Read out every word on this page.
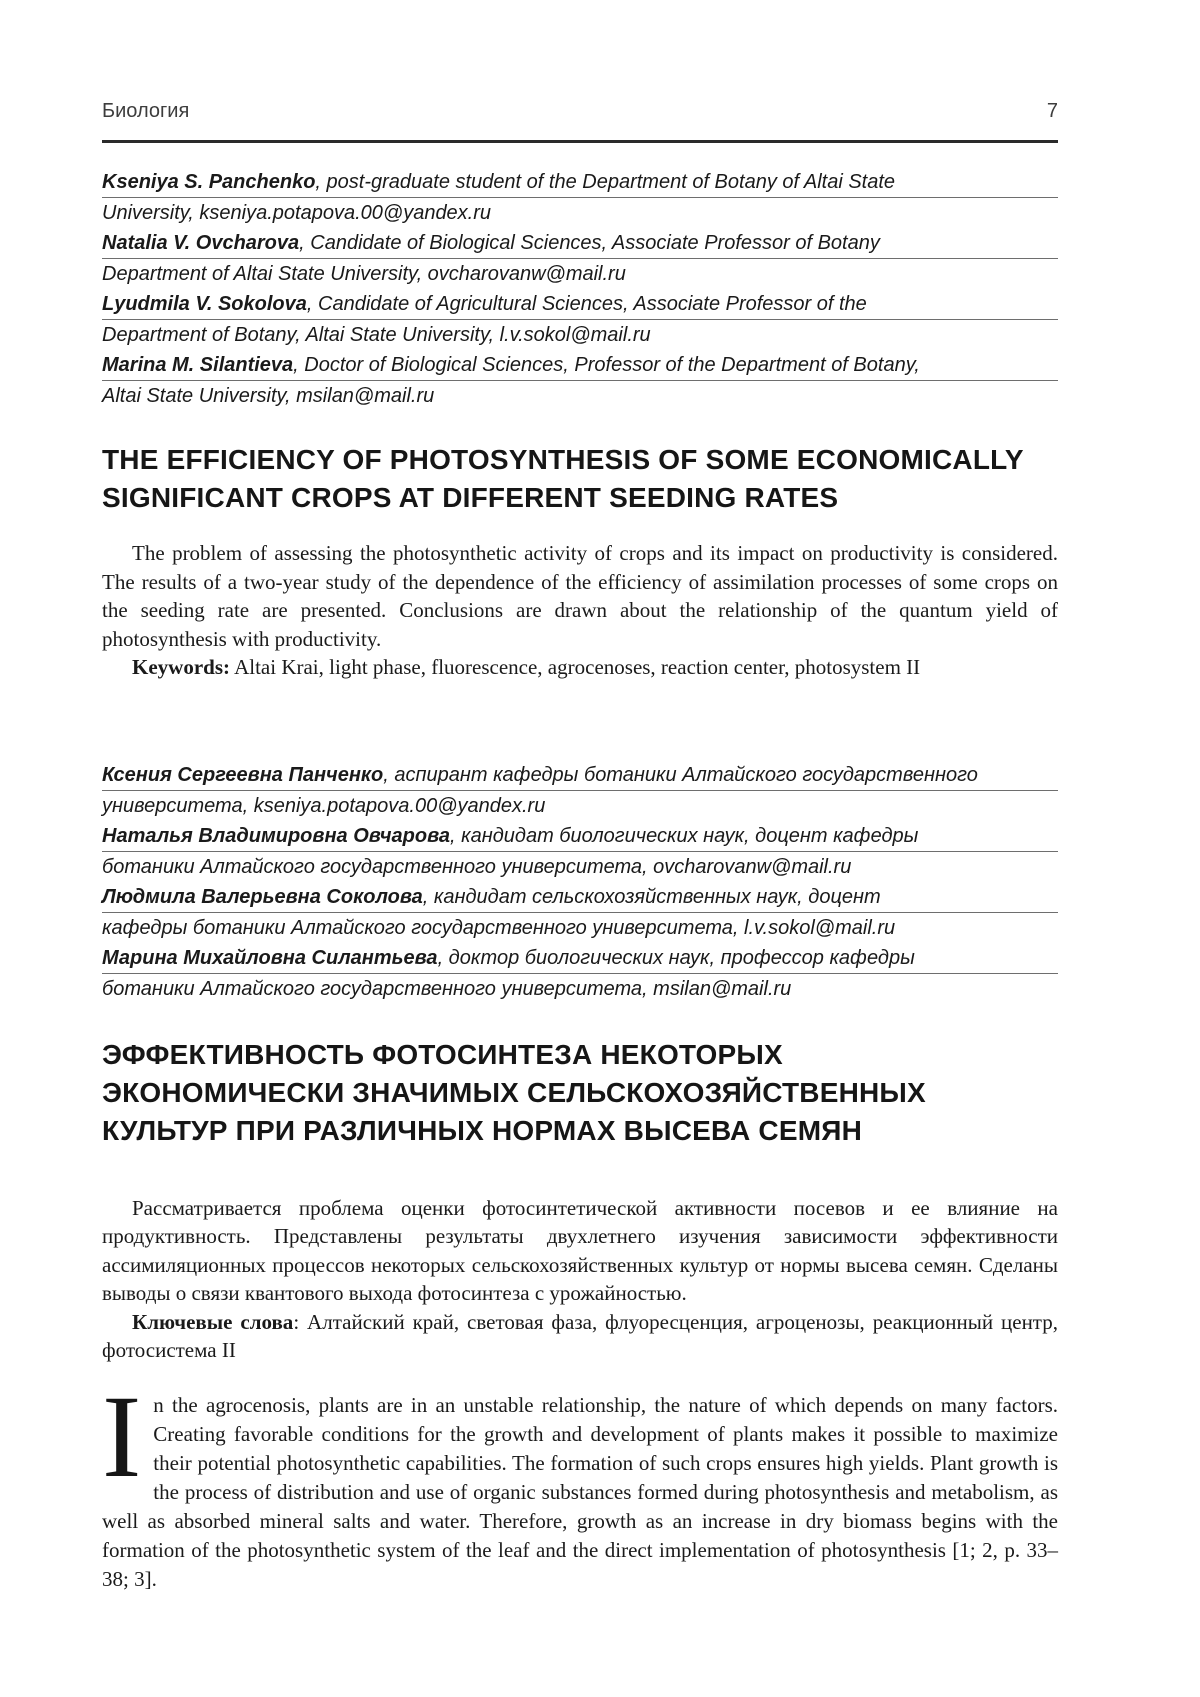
Биология	7
Kseniya S. Panchenko, post-graduate student of the Department of Botany of Altai State
University, kseniya.potapova.00@yandex.ru
Natalia V. Ovcharova, Candidate of Biological Sciences, Associate Professor of Botany
Department of Altai State University, ovcharovanw@mail.ru
Lyudmila V. Sokolova, Candidate of Agricultural Sciences, Associate Professor of the
Department of Botany, Altai State University, l.v.sokol@mail.ru
Marina M. Silantieva, Doctor of Biological Sciences, Professor of the Department of Botany,
Altai State University, msilan@mail.ru
THE EFFICIENCY OF PHOTOSYNTHESIS OF SOME ECONOMICALLY
SIGNIFICANT CROPS AT DIFFERENT SEEDING RATES

The problem of assessing the photosynthetic activity of crops and its impact on productivity is considered. The results of a two-year study of the dependence of the efficiency of assimilation processes of some crops on the seeding rate are presented. Conclusions are drawn about the relationship of the quantum yield of photosynthesis with productivity.

Keywords: Altai Krai, light phase, fluorescence, agrocenoses, reaction center, photosystem II

Ксения Сергеевна Панченко, аспирант кафедры ботаники Алтайского государственного
университета, kseniya.potapova.00@yandex.ru
Наталья Владимировна Овчарова, кандидат биологических наук, доцент кафедры
ботаники Алтайского государственного университета, ovcharovanw@mail.ru
Людмила Валерьевна Соколова, кандидат сельскохозяйственных наук, доцент
кафедры ботаники Алтайского государственного университета, l.v.sokol@mail.ru
Марина Михайловна Силантьева, доктор биологических наук, профессор кафедры
ботаники Алтайского государственного университета, msilan@mail.ru
ЭФФЕКТИВНОСТЬ ФОТОСИНТЕЗА НЕКОТОРЫХ
ЭКОНОМИЧЕСКИ ЗНАЧИМЫХ СЕЛЬСКОХОЗЯЙСТВЕННЫХ
КУЛЬТУР ПРИ РАЗЛИЧНЫХ НОРМАХ ВЫСЕВА СЕМЯН

Рассматривается проблема оценки фотосинтетической активности посевов и ее влияние на продуктивность. Представлены результаты двухлетнего изучения зависимости эффективности ассимиляционных процессов некоторых сельскохозяйственных культур от нормы высева семян. Сделаны выводы о связи квантового выхода фотосинтеза с урожайностью.

Ключевые слова: Алтайский край, световая фаза, флуоресценция, агроценозы, реакционный центр, фотосистема II

In the agrocenosis, plants are in an unstable relationship, the nature of which depends on many factors. Creating favorable conditions for the growth and development of plants makes it possible to maximize their potential photosynthetic capabilities. The formation of such crops ensures high yields. Plant growth is the process of distribution and use of organic substances formed during photosynthesis and metabolism, as well as absorbed mineral salts and water. Therefore, growth as an increase in dry biomass begins with the formation of the photosynthetic system of the leaf and the direct implementation of photosynthesis [1; 2, p. 33–38; 3].
